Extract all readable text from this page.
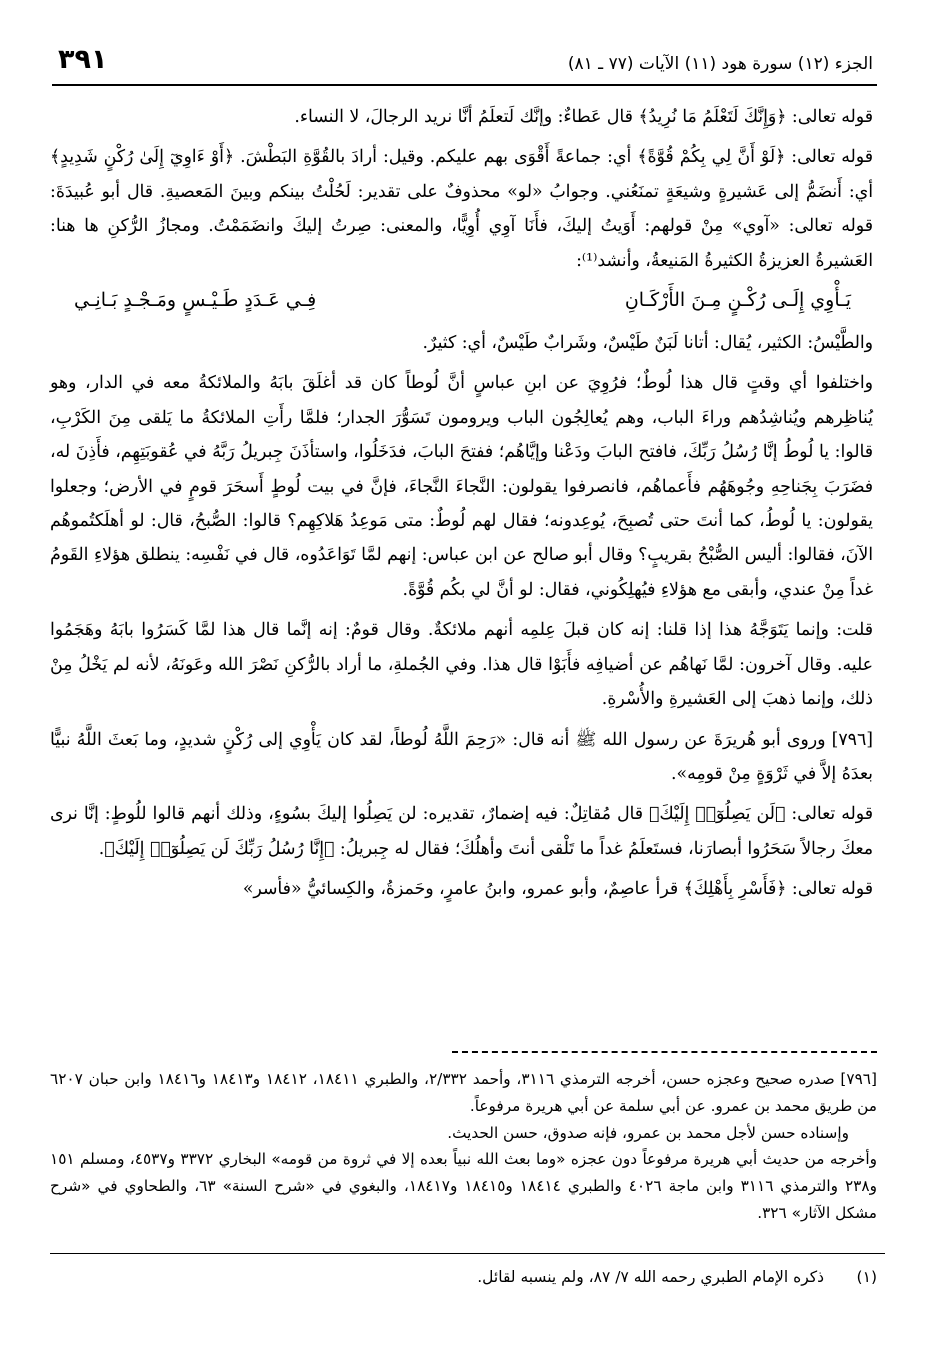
٣٩١	الجزء (١٢) سورة هود (١١) الآيات (٧٧ ـ ٨١)

قوله تعالى: ﴿وَإِنَّكَ لَتَعْلَمُ مَا نُرِيدُ﴾ قال عَطاءٌ: وإنَّك لَتعلَمُ أنَّا نريد الرجالَ، لا النساء.

قوله تعالى: ﴿لَوْ أَنَّ لِي بِكُمْ قُوَّةً﴾ أي: جماعةً أَقْوَى بهم عليكم. وقيل: أرادَ بالقُوَّةِ البَطْشَ. ﴿أَوْ ءَاوِيٓ إِلَىٰ رُكْنٍ شَدِيدٍ﴾ أي: أَنضَمُّ إلى عَشيرةٍ وشيعَةٍ تمنَعُني. وجوابُ «لو» محذوفٌ على تقدير: لَحُلْتُ بينكم وبينَ المَعصيةِ. قال أبو عُبيدَةَ: قوله تعالى: «آوي» مِنْ قولهم: أَوَيتُ إليكَ، فأَنَا آوِي أُوِيًّا، والمعنى: صِرتُ إليكَ وانضَمَمْتُ. ومجازُ الرُّكنِ ها هنا: العَشيرةُ العزيزةُ الكثيرةُ المَنيعةُ، وأنشد⁽¹⁾:

يَـأْوِي إِلَـى رُكْـنٍ مِـنَ الأَرْكَـانِ
فِـي عَـدَدٍ طَـيْـسٍ ومَـجْـدٍ بَـانِـي

والطَّيْسُ: الكثير، يُقال: أتانا لَبَنٌ طَيْسٌ، وشَرابٌ طَيْسٌ، أي: كثيرٌ.

واختلفوا أي وقتٍ قال هذا لُوطٌ؛ فرُوِيَ عن ابنِ عباسٍ أنَّ لُوطاً كان قد أغلَقَ بابَهُ والملائكةُ معه في الدار، وهو يُناظِرهم ويُناشِدُهم وراءَ الباب، وهم يُعالِجُون الباب ويرومون تَسَوُّرَ الجدار؛ فلمَّا رأَتِ الملائكةُ ما يَلقى مِنَ الكَرْبِ، قالوا: يا لُوطُ إنَّا رُسُلُ رَبِّكَ، فافتح البابَ ودَعْنا وإيَّاهُم؛ ففتحَ البابَ، فدَخَلُوا، واستأذَنَ جِبريلُ رَبَّهُ في عُقوبَتِهِم، فأَذِنَ له، فضَرَبَ بِجَناحِهِ وجُوهَهُم فأَعماهُم، فانصرفوا يقولون: النَّجاءَ النَّجاءَ، فإنَّ في بيت لُوطٍ أَسحَرَ قومٍ في الأرض؛ وجعلوا يقولون: يا لُوطُ، كما أنتَ حتى تُصبِحَ، يُوعِدونه؛ فقال لهم لُوطٌ: متى مَوعِدُ هَلاكِهِم؟ قالوا: الصُّبحُ، قال: لو أهلَكتُموهُم الآنَ، فقالوا: أليس الصُّبْحُ بقريبٍ؟ وقال أبو صالح عن ابن عباس: إنهم لمَّا تَوَاعَدُوه، قال في نَفْسِه: ينطلق هؤلاءِ القَومُ غداً مِنْ عندي، وأبقى مع هؤلاءِ فيُهلِكُوني، فقال: لو أنَّ لي بكُم قُوَّةً.

قلت: وإنما يَتَوَجَّهُ هذا إذا قلنا: إنه كان قبلَ عِلمِه أنهم ملائكةٌ. وقال قومٌ: إنه إنَّما قال هذا لمَّا كَسَرُوا بابَهُ وهَجَمُوا عليه. وقال آخرون: لمَّا نَهاهُم عن أضيافِه فأَبَوْا قال هذا. وفي الجُملةِ، ما أراد بالرُّكنِ نَصْرَ الله وعَونَهُ، لأنه لم يَخْلُ مِنْ ذلك، وإنما ذهبَ إلى العَشيرةِ والأُسْرةِ.

[٧٩٦] وروى أبو هُريرَةَ عن رسول الله ﷺ أنه قال: «رَحِمَ اللَّهُ لُوطاً، لقد كان يَأْوِي إلى رُكْنٍ شديدٍ، وما بَعثَ اللَّهُ نبيًّا بعدَهُ إلاَّ في ثَرْوَةٍ مِنْ قومِه».

قوله تعالى: ﴿لَن يَصِلُوٓا۟ إِلَيْكَ﴾ قال مُقاتِلٌ: فيه إضمارٌ، تقديره: لن يَصِلُوا إليكَ بسُوءٍ، وذلك أنهم قالوا للُوطٍ: إنَّا نرى معكَ رجالاً سَحَرُوا أبصارَنا، فستَعلَمُ غداً ما تَلْقى أنتَ وأهلُكَ؛ فقال له جِبريلُ: ﴿إِنَّا رُسُلُ رَبِّكَ لَن يَصِلُوٓا۟ إِلَيْكَ﴾.

قوله تعالى: ﴿فَأَسْرِ بِأَهْلِكَ﴾ قرأ عاصِمٌ، وأبو عمرو، وابنُ عامرٍ، وحَمزةُ، والكِسائيُّ «فأسر»

[٧٩٦] صدره صحيح وعجزه حسن، أخرجه الترمذي ٣١١٦، وأحمد ٢/٣٣٢، والطبري ١٨٤١١، ١٨٤١٢ و١٨٤١٣ و١٨٤١٦ وابن حبان ٦٢٠٧ من طريق محمد بن عمرو. عن أبي سلمة عن أبي هريرة مرفوعاً.

وإسناده حسن لأجل محمد بن عمرو، فإنه صدوق، حسن الحديث.

وأخرجه من حديث أبي هريرة مرفوعاً دون عجزه «وما بعث الله نبياً بعده إلا في ثروة من قومه» البخاري ٣٣٧٢ و٤٥٣٧، ومسلم ١٥١ و٢٣٨ والترمذي ٣١١٦ وابن ماجة ٤٠٢٦ والطبري ١٨٤١٤ و١٨٤١٥ و١٨٤١٧، والبغوي في «شرح السنة» ٦٣، والطحاوي في «شرح مشكل الآثار» ٣٢٦.

(١) ذكره الإمام الطبري رحمه الله ٧/ ٨٧، ولم ينسبه لقائل.
